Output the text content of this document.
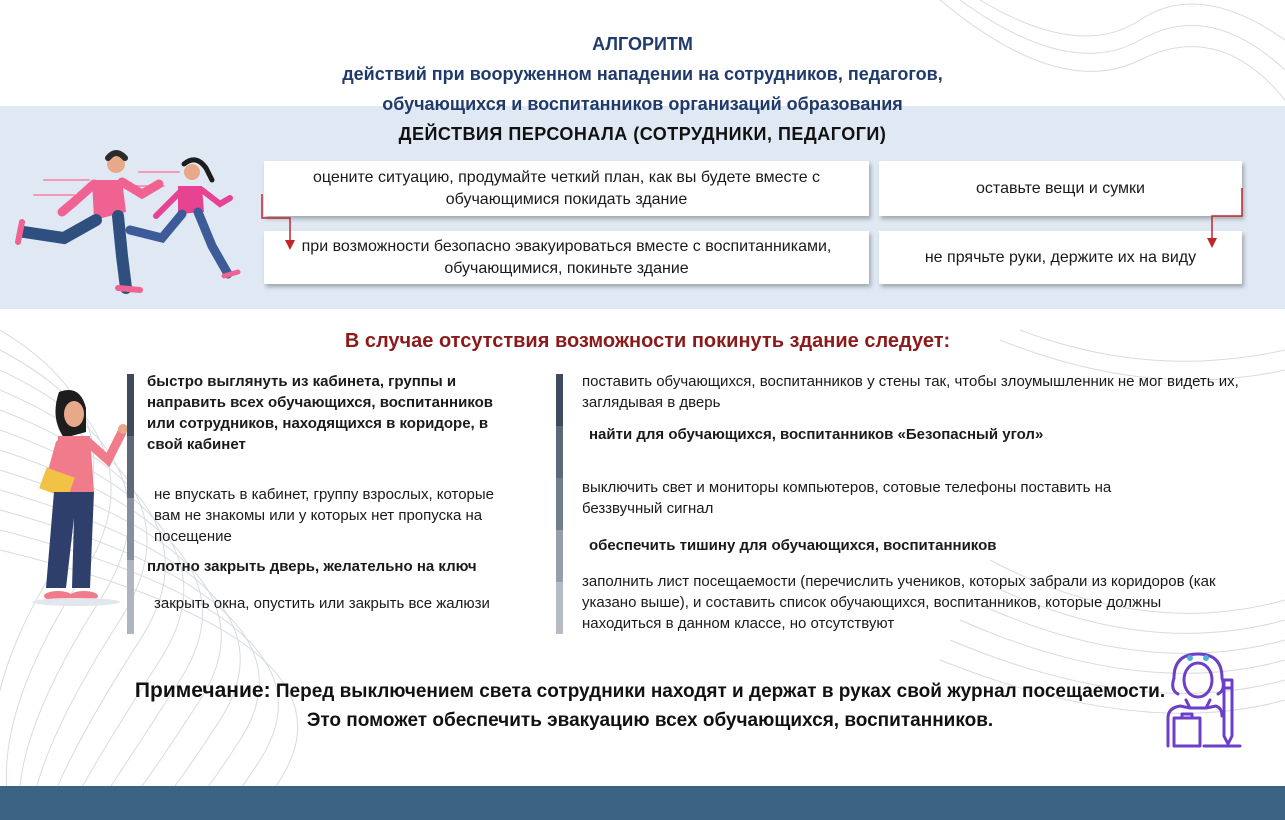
АЛГОРИТМ
действий при вооруженном нападении на сотрудников, педагогов,
обучающихся и воспитанников организаций образования
ДЕЙСТВИЯ ПЕРСОНАЛА (СОТРУДНИКИ, ПЕДАГОГИ)
оцените ситуацию, продумайте четкий план, как вы будете вместе с обучающимися покидать здание
при возможности безопасно эвакуироваться вместе с воспитанниками, обучающимися, покиньте здание
оставьте вещи и сумки
не прячьте руки, держите их на виду
В случае отсутствия возможности покинуть здание следует:
быстро выглянуть из кабинета, группы и направить всех обучающихся, воспитанников или сотрудников, находящихся в коридоре, в свой кабинет
не впускать в кабинет, группу взрослых, которые вам не знакомы или у которых нет пропуска на посещение
плотно закрыть дверь, желательно на ключ
закрыть окна, опустить или закрыть все жалюзи
поставить обучающихся, воспитанников у стены так, чтобы злоумышленник не мог видеть их, заглядывая в дверь
найти для обучающихся, воспитанников «Безопасный угол»
выключить свет и мониторы компьютеров, сотовые телефоны поставить на беззвучный сигнал
обеспечить тишину для обучающихся, воспитанников
заполнить лист посещаемости (перечислить учеников, которых забрали из коридоров (как указано выше), и составить список обучающихся, воспитанников, которые должны находиться в данном классе, но отсутствуют
Примечание: Перед выключением света сотрудники находят и держат в руках свой журнал посещаемости. Это поможет обеспечить эвакуацию всех обучающихся, воспитанников.
